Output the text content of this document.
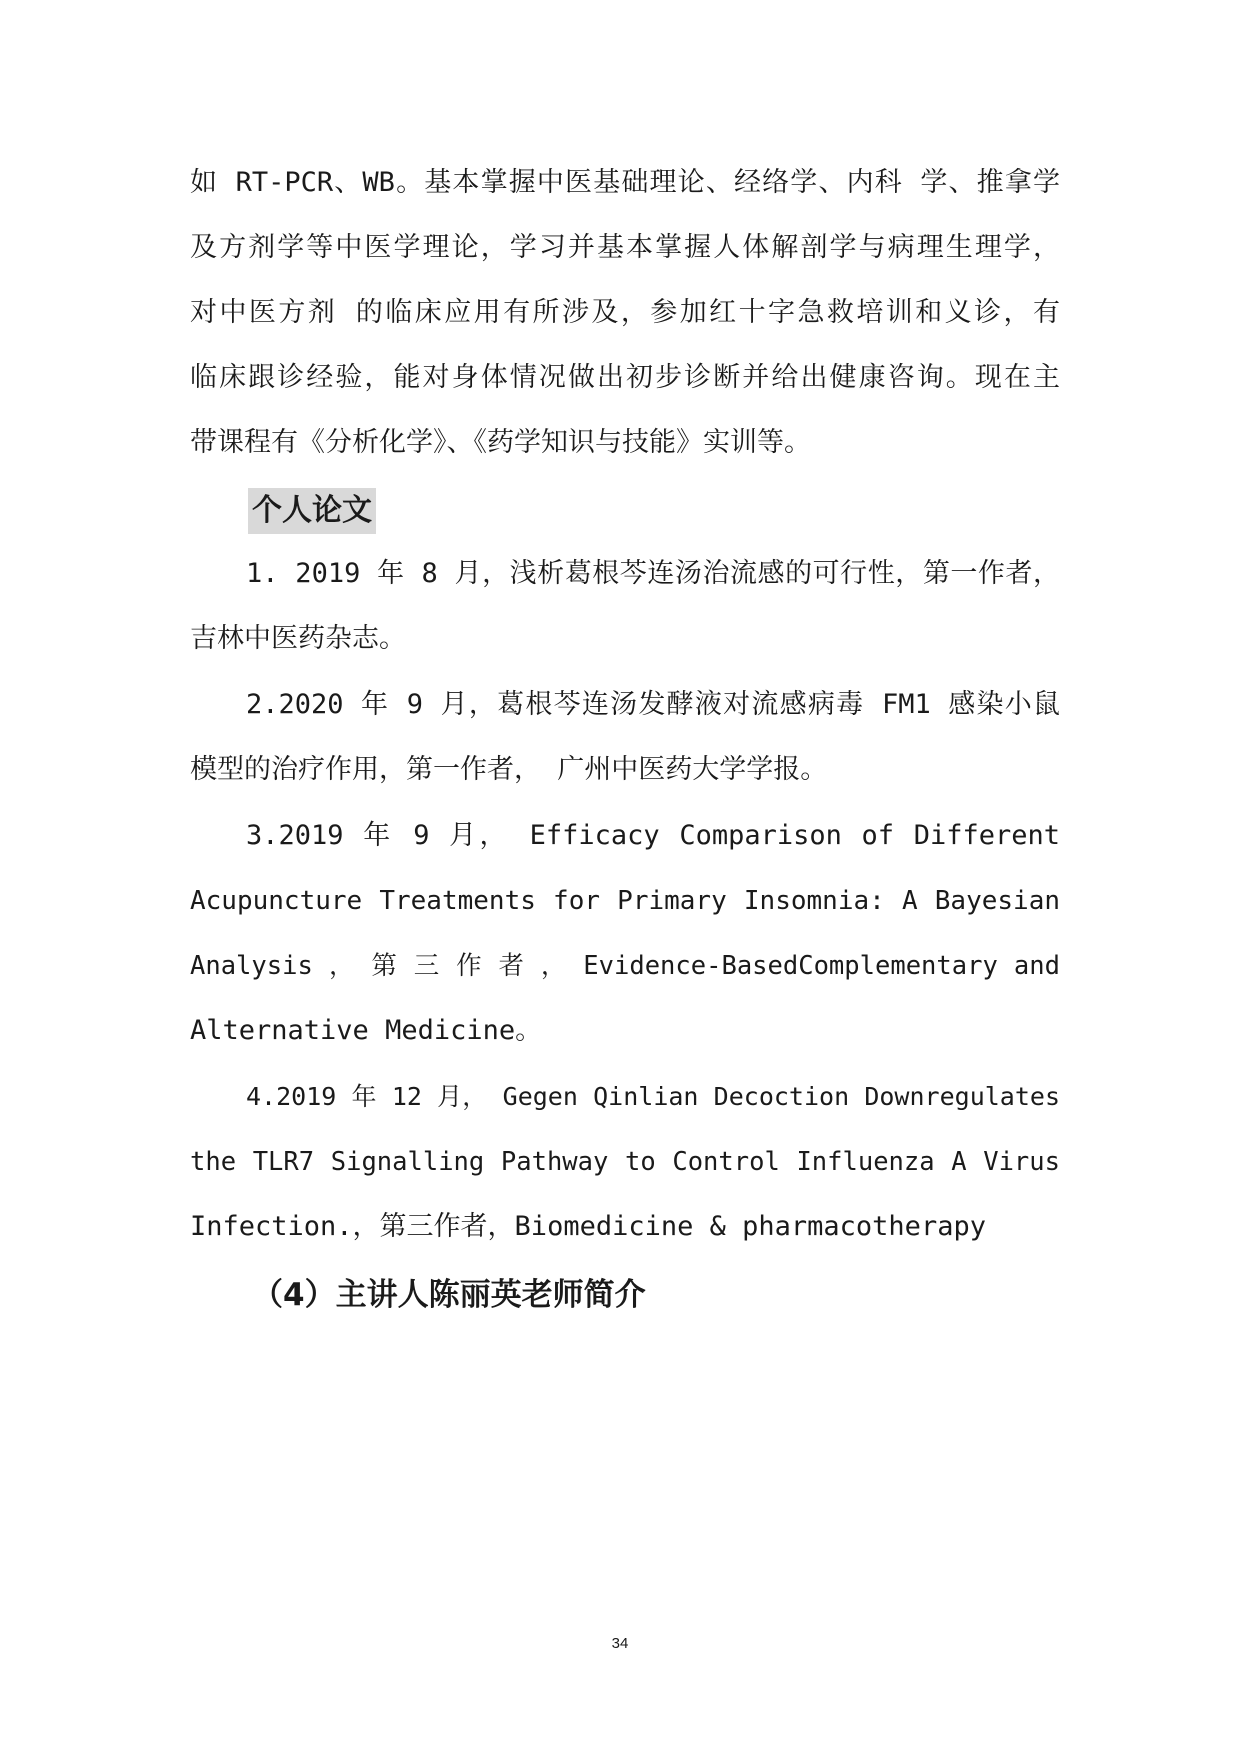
如 RT-PCR、WB。基本掌握中医基础理论、经络学、内科 学、推拿学
及方剂学等中医学理论，学习并基本掌握人体解剖学与病理生理学，
对中医方剂 的临床应用有所涉及，参加红十字急救培训和义诊，有
临床跟诊经验，能对身体情况做出初步诊断并给出健康咨询。现在主
带课程有《分析化学》、《药学知识与技能》实训等。
个人论文
1. 2019 年 8 月，浅析葛根芩连汤治流感的可行性，第一作者，
吉林中医药杂志。
2.2020 年 9 月，葛根芩连汤发酵液对流感病毒 FM1 感染小鼠
模型的治疗作用，第一作者， 广州中医药大学学报。
3.2019 年 9 月， Efficacy Comparison of Different
Acupuncture Treatments for Primary Insomnia: A Bayesian
Analysis ， 第 三 作 者 ， Evidence-BasedComplementary and
Alternative Medicine。
4.2019 年 12 月， Gegen Qinlian Decoction Downregulates
the TLR7 Signalling Pathway to Control Influenza A Virus
Infection.，第三作者，Biomedicine & pharmacotherapy
（4）主讲人陈丽英老师简介
34
